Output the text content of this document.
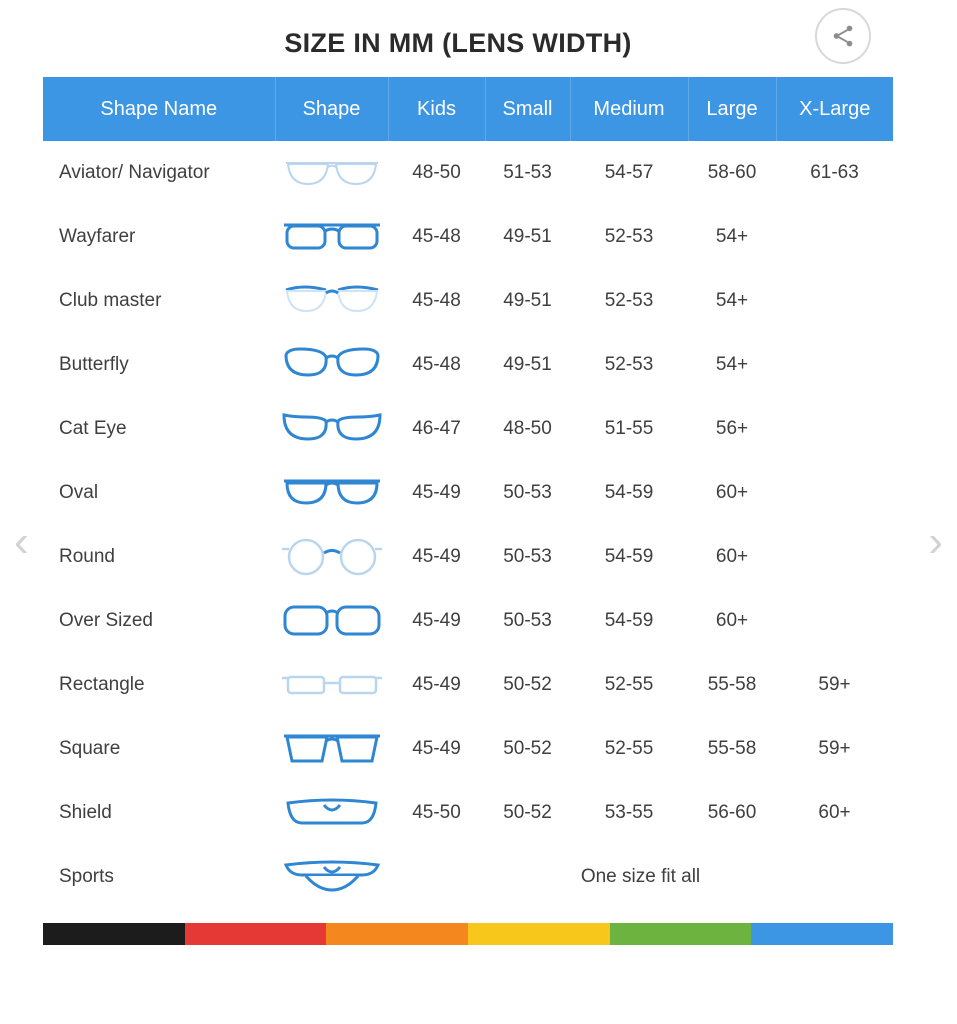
‹	›
SIZE IN MM (LENS WIDTH)
Shape Name	Shape	Kids	Small	Medium	Large	X-Large
Aviator/ Navigator		48-50	51-53	54-57	58-60	61-63
Wayfarer		45-48	49-51	52-53	54+	
Club master		45-48	49-51	52-53	54+	
Butterfly		45-48	49-51	52-53	54+	
Cat Eye		46-47	48-50	51-55	56+	
Oval		45-49	50-53	54-59	60+	
Round		45-49	50-53	54-59	60+	
Over Sized		45-49	50-53	54-59	60+	
Rectangle		45-49	50-52	52-55	55-58	59+
Square		45-49	50-52	52-55	55-58	59+
Shield		45-50	50-52	53-55	56-60	60+
Sports		One size fit all				
